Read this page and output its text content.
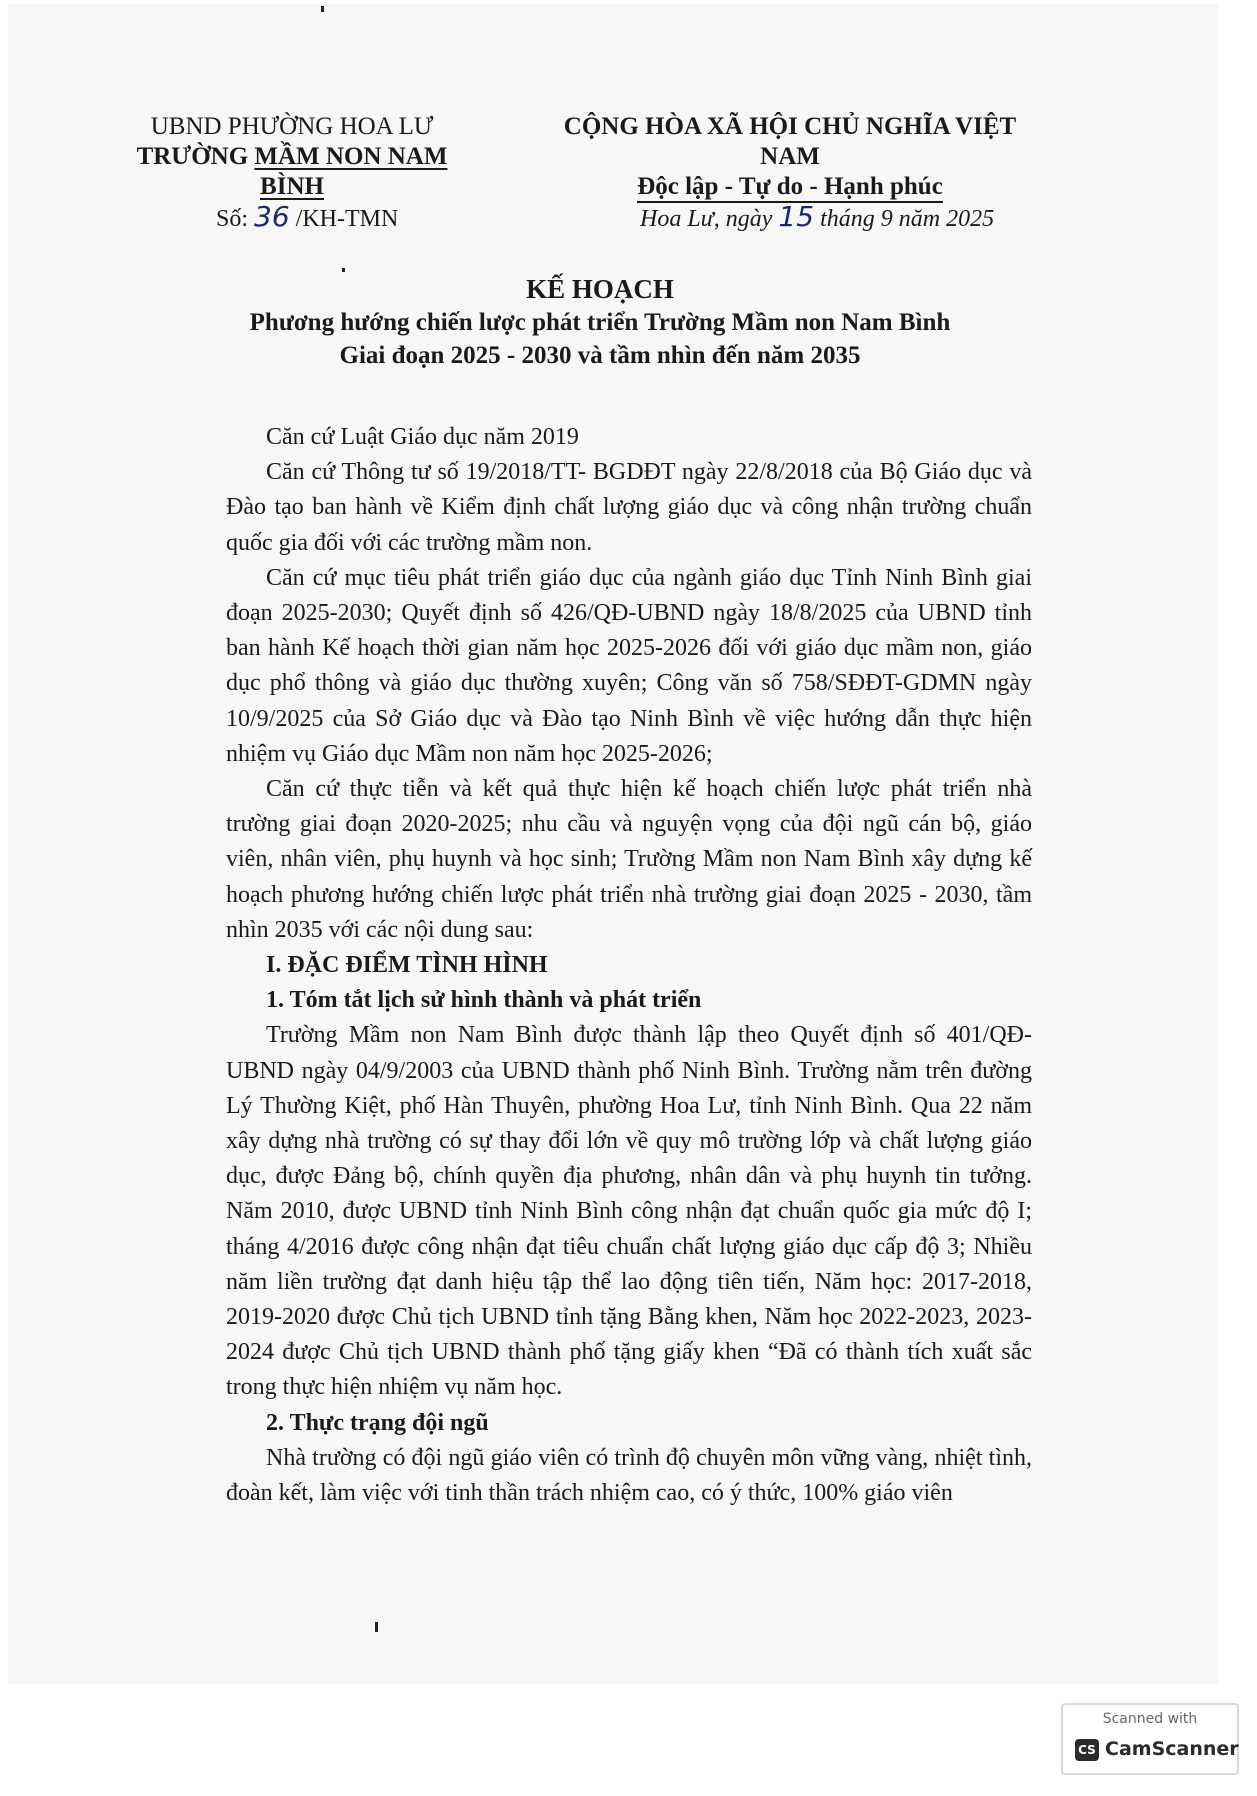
UBND PHƯỜNG HOA LƯ
TRƯỜNG MẦM NON NAM BÌNH
CỘNG HÒA XÃ HỘI CHỦ NGHĨA VIỆT NAM
Độc lập - Tự do - Hạnh phúc
Số: 36 /KH-TMN	Hoa Lư, ngày 15 tháng 9 năm 2025
KẾ HOẠCH
Phương hướng chiến lược phát triển Trường Mầm non Nam Bình
Giai đoạn 2025 - 2030 và tầm nhìn đến năm 2035

Căn cứ Luật Giáo dục năm 2019

Căn cứ Thông tư số 19/2018/TT- BGDĐT ngày 22/8/2018 của Bộ Giáo dục và Đào tạo ban hành về Kiểm định chất lượng giáo dục và công nhận trường chuẩn quốc gia đối với các trường mầm non.

Căn cứ mục tiêu phát triển giáo dục của ngành giáo dục Tỉnh Ninh Bình giai đoạn 2025-2030; Quyết định số 426/QĐ-UBND ngày 18/8/2025 của UBND tỉnh ban hành Kế hoạch thời gian năm học 2025-2026 đối với giáo dục mầm non, giáo dục phổ thông và giáo dục thường xuyên; Công văn số 758/SĐĐT-GDMN ngày 10/9/2025 của Sở Giáo dục và Đào tạo Ninh Bình về việc hướng dẫn thực hiện nhiệm vụ Giáo dục Mầm non năm học 2025-2026;

Căn cứ thực tiễn và kết quả thực hiện kế hoạch chiến lược phát triển nhà trường giai đoạn 2020-2025; nhu cầu và nguyện vọng của đội ngũ cán bộ, giáo viên, nhân viên, phụ huynh và học sinh; Trường Mầm non Nam Bình xây dựng kế hoạch phương hướng chiến lược phát triển nhà trường giai đoạn 2025 - 2030, tầm nhìn 2035 với các nội dung sau:

I. ĐẶC ĐIỂM TÌNH HÌNH

1. Tóm tắt lịch sử hình thành và phát triển

Trường Mầm non Nam Bình được thành lập theo Quyết định số 401/QĐ-UBND ngày 04/9/2003 của UBND thành phố Ninh Bình. Trường nằm trên đường Lý Thường Kiệt, phố Hàn Thuyên, phường Hoa Lư, tỉnh Ninh Bình. Qua 22 năm xây dựng nhà trường có sự thay đổi lớn về quy mô trường lớp và chất lượng giáo dục, được Đảng bộ, chính quyền địa phương, nhân dân và phụ huynh tin tưởng. Năm 2010, được UBND tỉnh Ninh Bình công nhận đạt chuẩn quốc gia mức độ I; tháng 4/2016 được công nhận đạt tiêu chuẩn chất lượng giáo dục cấp độ 3; Nhiều năm liền trường đạt danh hiệu tập thể lao động tiên tiến, Năm học: 2017-2018, 2019-2020 được Chủ tịch UBND tỉnh tặng Bằng khen, Năm học 2022-2023, 2023-2024 được Chủ tịch UBND thành phố tặng giấy khen “Đã có thành tích xuất sắc trong thực hiện nhiệm vụ năm học.

2. Thực trạng đội ngũ

Nhà trường có đội ngũ giáo viên có trình độ chuyên môn vững vàng, nhiệt tình, đoàn kết, làm việc với tinh thần trách nhiệm cao, có ý thức, 100% giáo viên

Scanned with
CS CamScanner
